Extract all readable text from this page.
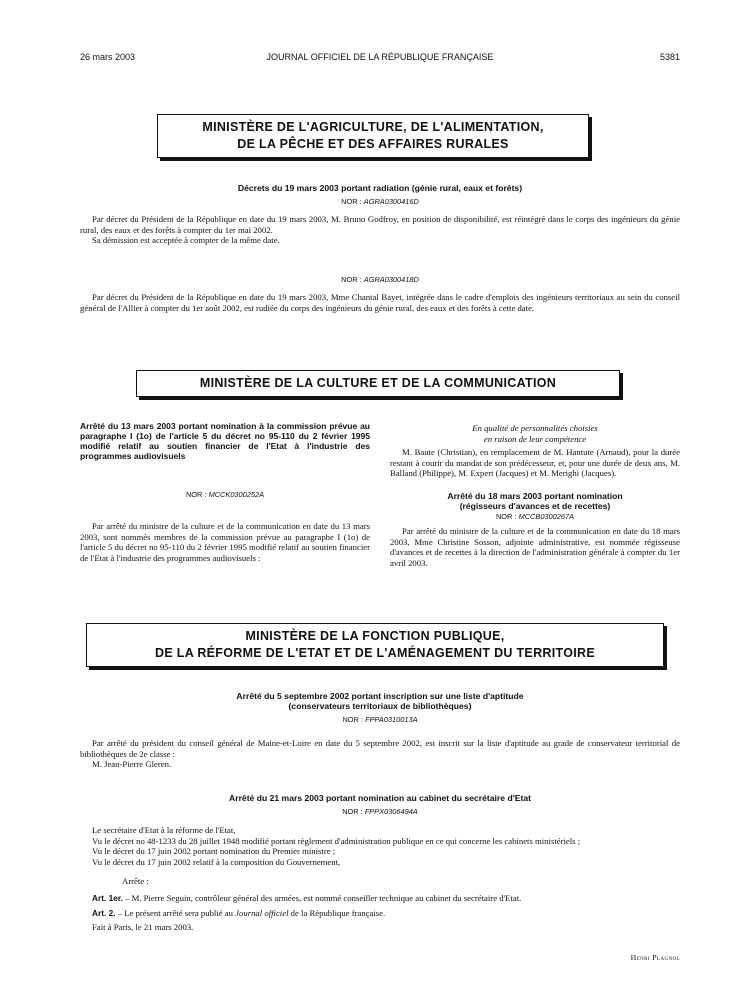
26 mars 2003	JOURNAL OFFICIEL DE LA RÉPUBLIQUE FRANÇAISE	5381
MINISTÈRE DE L'AGRICULTURE, DE L'ALIMENTATION,
DE LA PÊCHE ET DES AFFAIRES RURALES
Décrets du 19 mars 2003 portant radiation (génie rural, eaux et forêts)
NOR : AGRA0300416D

Par décret du Président de la République en date du 19 mars 2003, M. Bruno Godfroy, en position de disponibilité, est réintégré dans le corps des ingénieurs du génie rural, des eaux et des forêts à compter du 1er mai 2002.

Sa démission est acceptée à compter de la même date.

NOR : AGRA0300418D

Par décret du Président de la République en date du 19 mars 2003, Mme Chantal Bayet, intégrée dans le cadre d'emplois des ingénieurs territoriaux au sein du conseil général de l'Allier à compter du 1er août 2002, est rudiée du corps des ingénieurs du génie rural, des eaux et des forêts à cette date.

MINISTÈRE DE LA CULTURE ET DE LA COMMUNICATION
Arrêté du 13 mars 2003 portant nomination à la commission prévue au paragraphe I (1o) de l'article 5 du décret no 95-110 du 2 février 1995 modifié relatif au soutien financier de l'Etat à l'industrie des programmes audiovisuels
NOR : MCCK0300252A

Par arrêté du ministre de la culture et de la communication en date du 13 mars 2003, sont nommés membres de la commission prévue au paragraphe I (1o) de l'article 5 du décret no 95-110 du 2 février 1995 modifié relatif au soutien financier de l'Etat à l'industrie des programmes audiovisuels :

En qualité de personnalités choisies
en raison de leur compétence

M. Baute (Christian), en remplacement de M. Hantute (Arnaud), pour la durée restant à courir du mandat de son prédécesseur, et, pour une durée de deux ans, M. Balland (Philippe), M. Expert (Jacques) et M. Merighi (Jacques).

Arrêté du 18 mars 2003 portant nomination
(régisseurs d'avances et de recettes)
NOR : MCCB0300267A

Par arrêté du ministre de la culture et de la communication en date du 18 mars 2003, Mme Christine Sosson, adjointe administrative, est nommée régisseuse d'avances et de recettes à la direction de l'administration générale à compter du 1er avril 2003.

MINISTÈRE DE LA FONCTION PUBLIQUE,
DE LA RÉFORME DE L'ETAT ET DE L'AMÉNAGEMENT DU TERRITOIRE
Arrêté du 5 septembre 2002 portant inscription sur une liste d'aptitude
(conservateurs territoriaux de bibliothèques)
NOR : FPPA0310013A

Par arrêté du président du conseil général de Maine-et-Loire en date du 5 septembre 2002, est inscrit sur la liste d'aptitude au grade de conservateur territorial de bibliothèques de 2e classe :

M. Jean-Pierre Gleren.

Arrêté du 21 mars 2003 portant nomination au cabinet du secrétaire d'Etat
NOR : FPPX0306494A

Le secrétaire d'Etat à la réforme de l'Etat,

Vu le décret no 48-1233 du 28 juillet 1948 modifié portant règlement d'administration publique en ce qui concerne les cabinets ministériels ;

Vu le décret du 17 juin 2002 portant nomination du Premier ministre ;

Vu le décret du 17 juin 2002 relatif à la composition du Gouvernement,

Arrête :

Art. 1er. – M. Pierre Seguin, contrôleur général des armées, est nommé conseiller technique au cabinet du secrétaire d'Etat.

Art. 2. – Le présent arrêté sera publié au Journal officiel de la République française.

Fait à Paris, le 21 mars 2003.

Henri Plagnol
